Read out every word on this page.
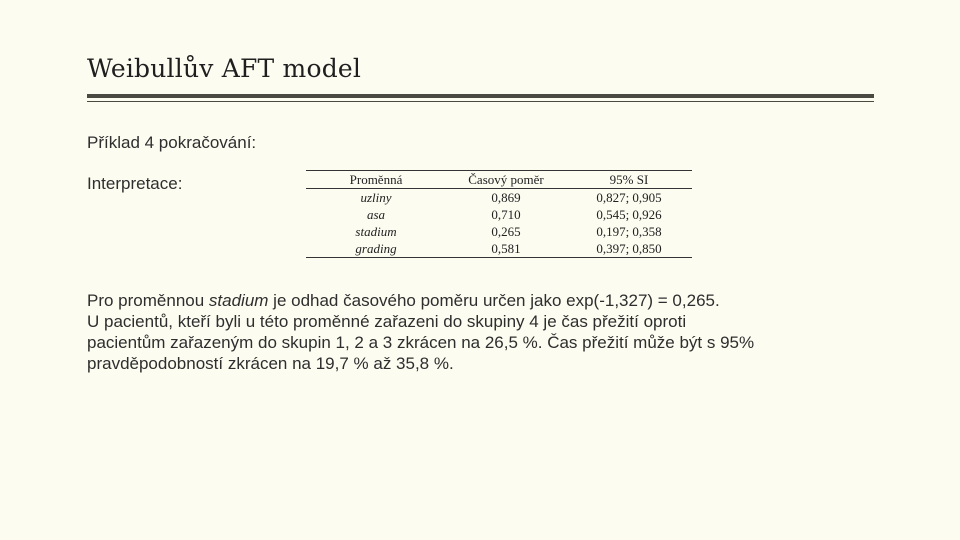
Weibullův AFT model
Příklad 4 pokračování:
Interpretace:	Proměnná	Časový poměr	95% SI
uzliny	0,869	0,827; 0,905
asa	0,710	0,545; 0,926
stadium	0,265	0,197; 0,358
grading	0,581	0,397; 0,850

Pro proměnnou stadium je odhad časového poměru určen jako exp(-1,327) = 0,265.

U pacientů, kteří byli u této proměnné zařazeni do skupiny 4 je čas přežití oproti

pacientům zařazeným do skupin 1, 2 a 3 zkrácen na 26,5 %. Čas přežití může být s 95%

pravděpodobností zkrácen na 19,7 % až 35,8 %.
